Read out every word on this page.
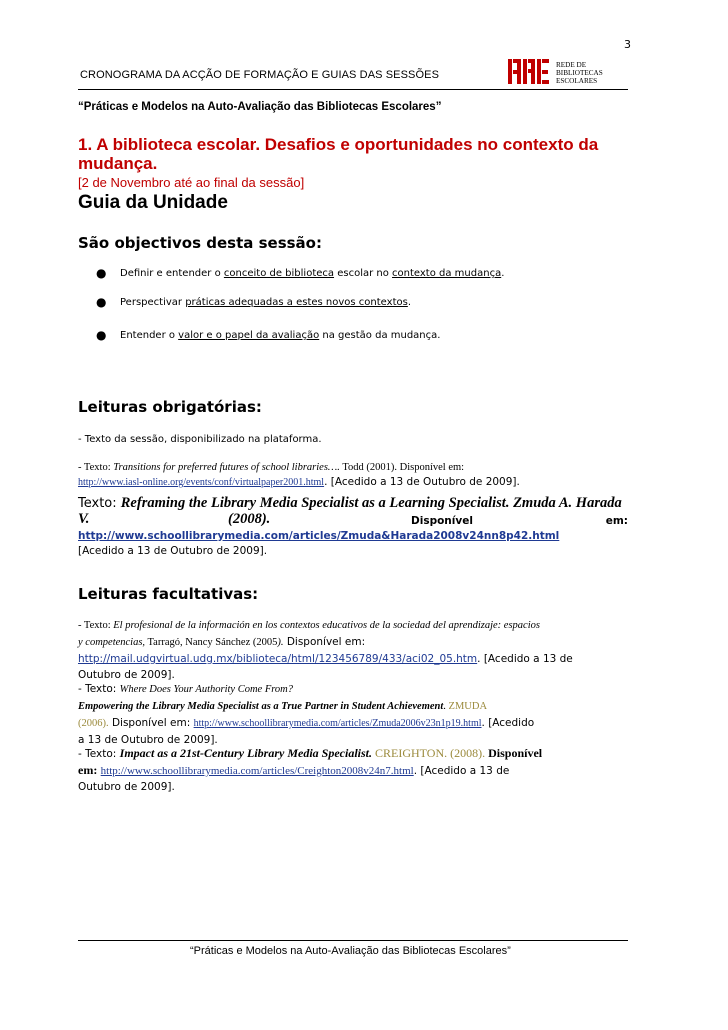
3
CRONOGRAMA DA ACÇÃO DE FORMAÇÃO E GUIAS DAS SESSÕES
REDE DE
BIBLIOTECAS
ESCOLARES
“Práticas e Modelos na Auto-Avaliação das Bibliotecas Escolares”
1. A biblioteca escolar. Desafios e oportunidades no contexto da
mudança.
[2 de Novembro até ao final da sessão]
Guia da Unidade
São objectivos desta sessão:
● Definir e entender o conceito de biblioteca escolar no contexto da mudança.
● Perspectivar práticas adequadas a estes novos contextos.
● Entender o valor e o papel da avaliação na gestão da mudança.
Leituras obrigatórias:
- Texto da sessão, disponibilizado na plataforma.
- Texto: Transitions for preferred futures of school libraries…. Todd (2001). Disponível em:
http://www.iasl-online.org/events/conf/virtualpaper2001.html. [Acedido a 13 de Outubro de 2009].
Texto: Reframing the Library Media Specialist as a Learning Specialist. Zmuda A. Harada
V.	(2008).	Disponível	em:
http://www.schoollibrarymedia.com/articles/Zmuda&Harada2008v24nn8p42.html
[Acedido a 13 de Outubro de 2009].
Leituras facultativas:
- Texto: El profesional de la información en los contextos educativos de la sociedad del aprendizaje: espacios
y competencias, Tarragó, Nancy Sánchez (2005). Disponível em:
http://mail.udgvirtual.udg.mx/biblioteca/html/123456789/433/aci02_05.htm. [Acedido a 13 de
Outubro de 2009].
- Texto: Where Does Your Authority Come From?
Empowering the Library Media Specialist as a True Partner in Student Achievement. ZMUDA
(2006). Disponível em: http://www.schoollibrarymedia.com/articles/Zmuda2006v23n1p19.html. [Acedido
a 13 de Outubro de 2009].
- Texto: Impact as a 21st-Century Library Media Specialist. CREIGHTON. (2008). Disponível
em: http://www.schoollibrarymedia.com/articles/Creighton2008v24n7.html. [Acedido a 13 de
Outubro de 2009].
“Práticas e Modelos na Auto-Avaliação das Bibliotecas Escolares”
